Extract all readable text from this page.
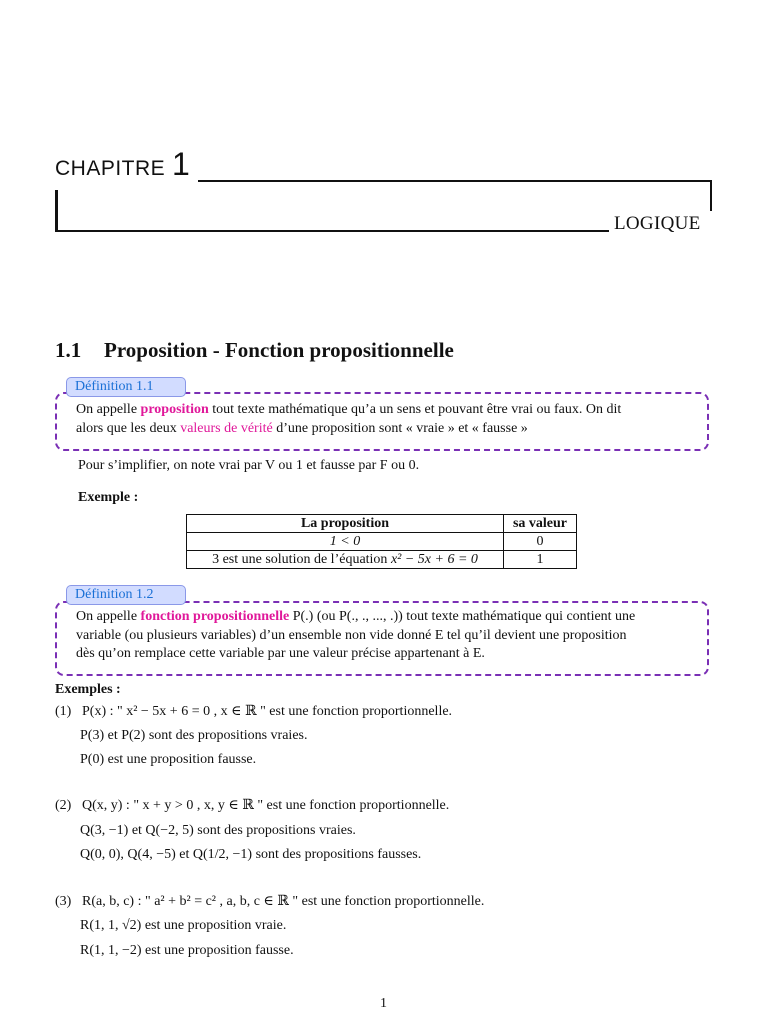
CHAPITRE 1
LOGIQUE
1.1 Proposition - Fonction propositionnelle
Définition 1.1
On appelle proposition tout texte mathématique qu’a un sens et pouvant être vrai ou faux. On dit
alors que les deux valeurs de vérité d’une proposition sont « vraie » et « fausse »
Pour s’implifier, on note vrai par V ou 1 et fausse par F ou 0.
Exemple :
La proposition	sa valeur
1 < 0	0
3 est une solution de l’équation x² − 5x + 6 = 0	1
Définition 1.2
On appelle fonction propositionnelle P(.) (ou P(., ., ..., .)) tout texte mathématique qui contient une
variable (ou plusieurs variables) d’un ensemble non vide donné E tel qu’il devient une proposition
dès qu’on remplace cette variable par une valeur précise appartenant à E.
Exemples :
(1) P(x) : " x² − 5x + 6 = 0 , x ∈ ℝ " est une fonction proportionnelle.
P(3) et P(2) sont des propositions vraies.
P(0) est une proposition fausse.
(2) Q(x, y) : " x + y > 0 , x, y ∈ ℝ " est une fonction proportionnelle.
Q(3, −1) et Q(−2, 5) sont des propositions vraies.
Q(0, 0), Q(4, −5) et Q(1/2, −1) sont des propositions fausses.
(3) R(a, b, c) : " a² + b² = c² , a, b, c ∈ ℝ " est une fonction proportionnelle.
R(1, 1, √2) est une proposition vraie.
R(1, 1, −2) est une proposition fausse.
1
